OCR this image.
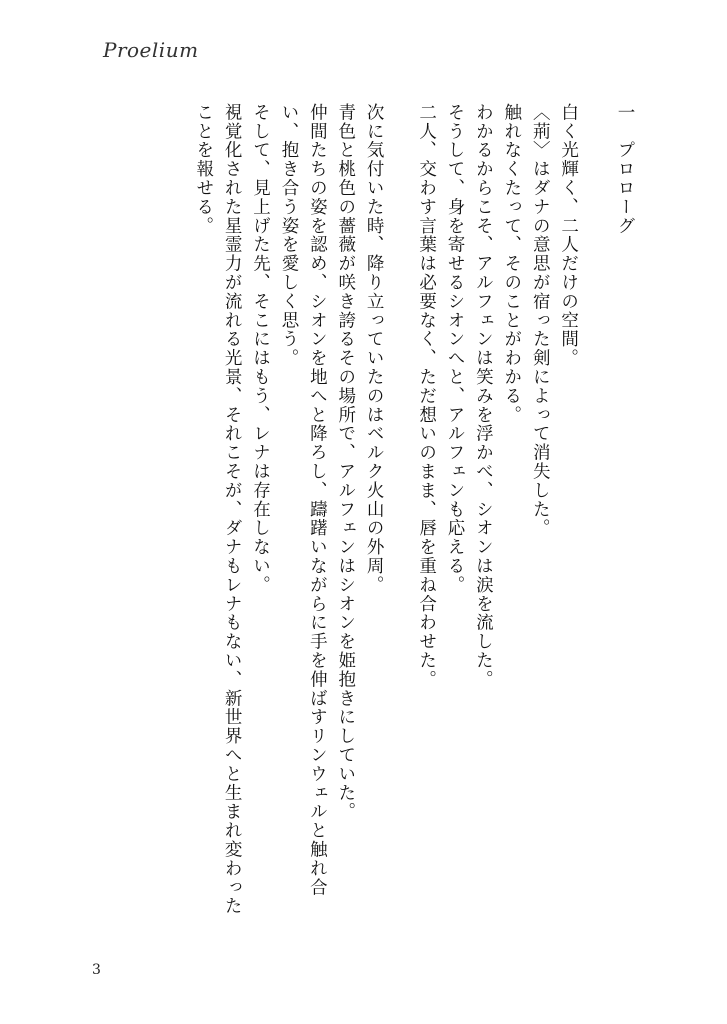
Proelium
一　プロローグ
白く光輝く、二人だけの空間。
〈荊〉はダナの意思が宿った剣によって消失した。
触れなくたって、そのことがわかる。
わかるからこそ、アルフェンは笑みを浮かべ、シオンは涙を流した。
そうして、身を寄せるシオンへと、アルフェンも応える。
二人、交わす言葉は必要なく、ただ想いのまま、唇を重ね合わせた。
次に気付いた時、降り立っていたのはベルク火山の外周。
青色と桃色の薔薇が咲き誇るその場所で、アルフェンはシオンを姫抱きにしていた。
仲間たちの姿を認め、シオンを地へと降ろし、躊躇いながらに手を伸ばすリンウェルと触れ合い、抱き合う姿を愛しく思う。
そして、見上げた先、そこにはもう、レナは存在しない。
視覚化された星霊力が流れる光景、それこそが、ダナもレナもない、新世界へと生まれ変わったことを報せる。
3
